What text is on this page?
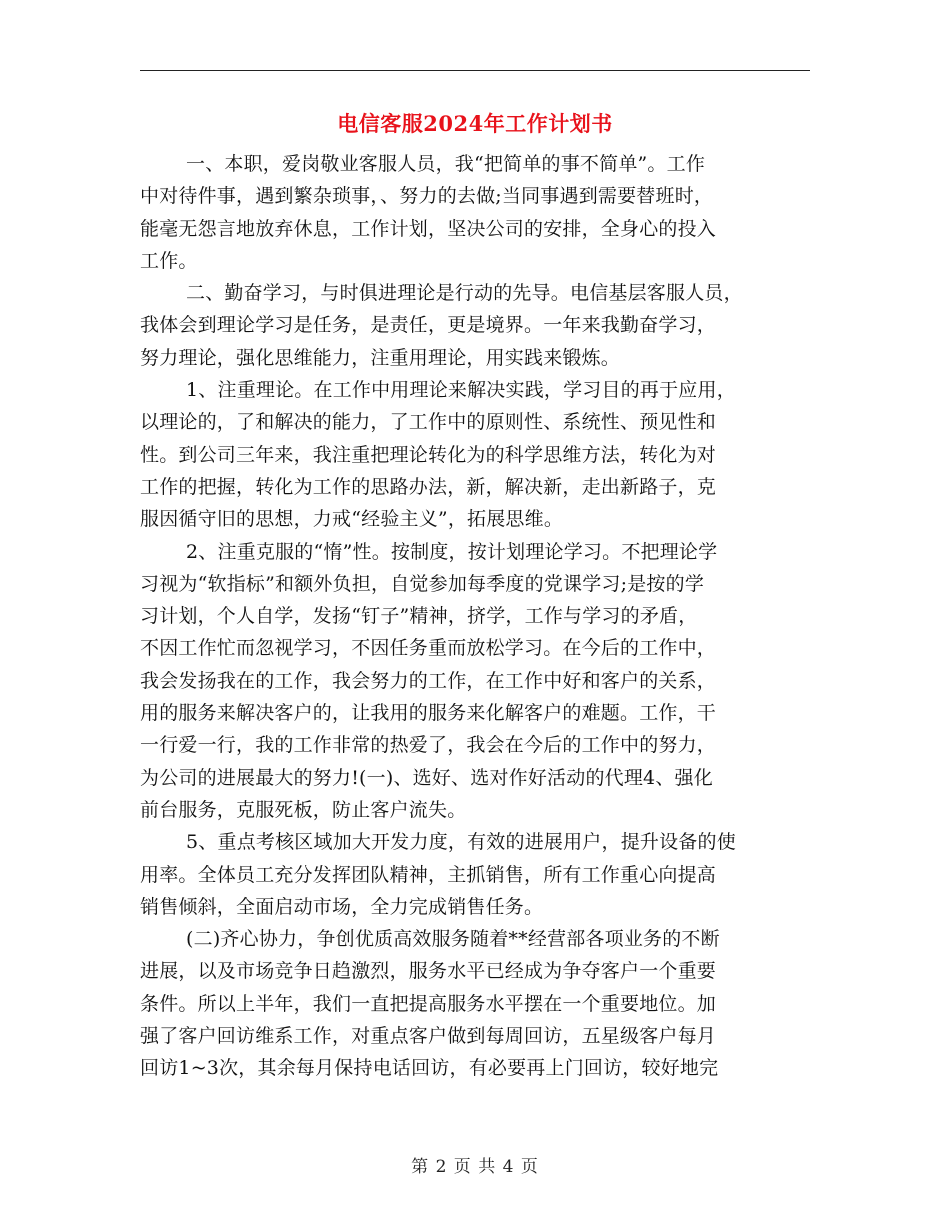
电信客服2024年工作计划书
一、本职，爱岗敬业客服人员，我“把简单的事不简单”。工作
中对待件事，遇到繁杂琐事，、努力的去做;当同事遇到需要替班时，
能毫无怨言地放弃休息，工作计划，坚决公司的安排，全身心的投入
工作。
二、勤奋学习，与时俱进理论是行动的先导。电信基层客服人员，
我体会到理论学习是任务，是责任，更是境界。一年来我勤奋学习，
努力理论，强化思维能力，注重用理论，用实践来锻炼。
1、注重理论。在工作中用理论来解决实践，学习目的再于应用，
以理论的，了和解决的能力，了工作中的原则性、系统性、预见性和
性。到公司三年来，我注重把理论转化为的科学思维方法，转化为对
工作的把握，转化为工作的思路办法，新，解决新，走出新路子，克
服因循守旧的思想，力戒“经验主义”，拓展思维。
2、注重克服的“惰”性。按制度，按计划理论学习。不把理论学
习视为“软指标”和额外负担，自觉参加每季度的党课学习;是按的学
习计划，个人自学，发扬“钉子”精神，挤学，工作与学习的矛盾，
不因工作忙而忽视学习，不因任务重而放松学习。在今后的工作中，
我会发扬我在的工作，我会努力的工作，在工作中好和客户的关系，
用的服务来解决客户的，让我用的服务来化解客户的难题。工作，干
一行爱一行，我的工作非常的热爱了，我会在今后的工作中的努力，
为公司的进展最大的努力!(一)、选好、选对作好活动的代理4、强化
前台服务，克服死板，防止客户流失。
5、重点考核区域加大开发力度，有效的进展用户，提升设备的使
用率。全体员工充分发挥团队精神，主抓销售，所有工作重心向提高
销售倾斜，全面启动市场，全力完成销售任务。
(二)齐心协力，争创优质高效服务随着**经营部各项业务的不断
进展，以及市场竞争日趋激烈，服务水平已经成为争夺客户一个重要
条件。所以上半年，我们一直把提高服务水平摆在一个重要地位。加
强了客户回访维系工作，对重点客户做到每周回访，五星级客户每月
回访1~3次，其余每月保持电话回访，有必要再上门回访，较好地完
第 2 页 共 4 页
